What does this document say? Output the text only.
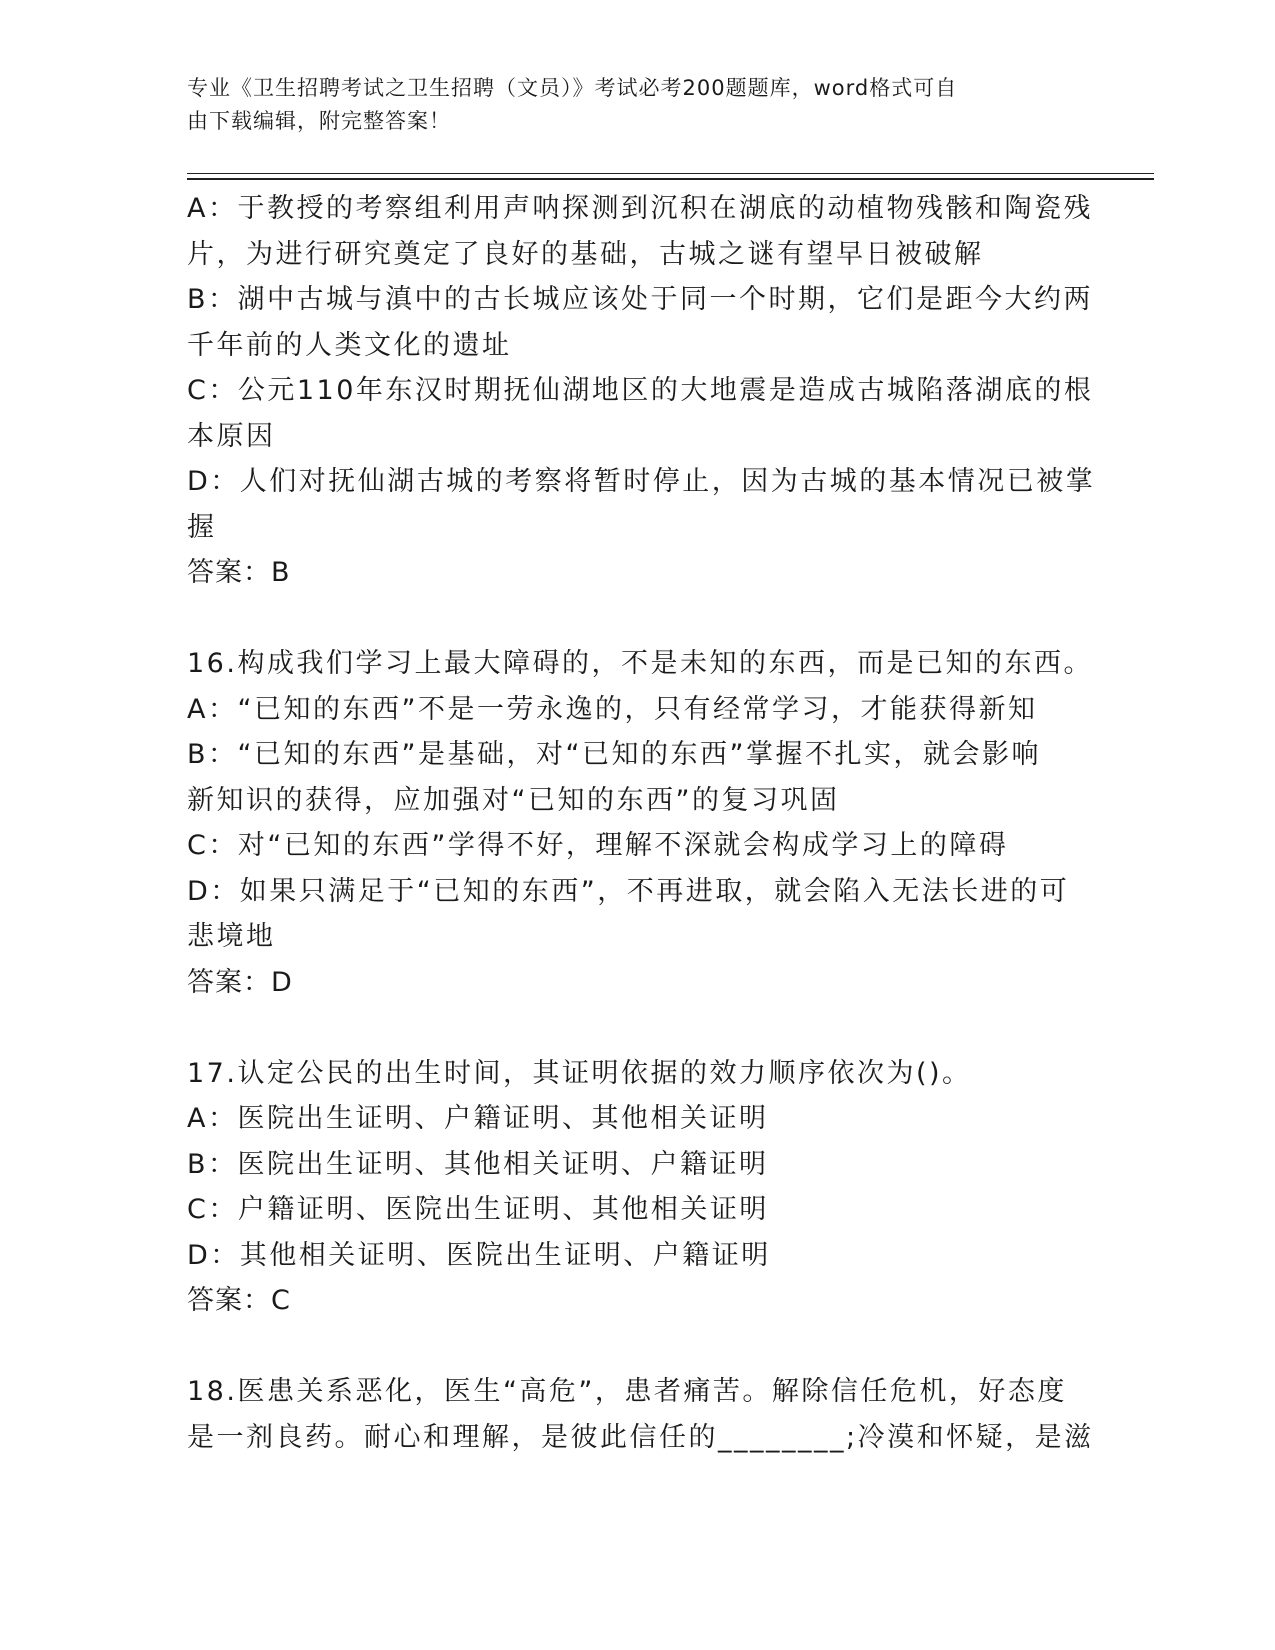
专业《卫生招聘考试之卫生招聘（文员）》考试必考200题题库，word格式可自
由下载编辑，附完整答案！
A：于教授的考察组利用声呐探测到沉积在湖底的动植物残骸和陶瓷残
片，为进行研究奠定了良好的基础，古城之谜有望早日被破解
B：湖中古城与滇中的古长城应该处于同一个时期，它们是距今大约两
千年前的人类文化的遗址
C：公元110年东汉时期抚仙湖地区的大地震是造成古城陷落湖底的根
本原因
D：人们对抚仙湖古城的考察将暂时停止，因为古城的基本情况已被掌
握
答案：B
16.构成我们学习上最大障碍的，不是未知的东西，而是已知的东西。
A：“已知的东西”不是一劳永逸的，只有经常学习，才能获得新知
B：“已知的东西”是基础，对“已知的东西”掌握不扎实，就会影响
新知识的获得，应加强对“已知的东西”的复习巩固
C：对“已知的东西”学得不好，理解不深就会构成学习上的障碍
D：如果只满足于“已知的东西”，不再进取，就会陷入无法长进的可
悲境地
答案：D
17.认定公民的出生时间，其证明依据的效力顺序依次为()。
A：医院出生证明、户籍证明、其他相关证明
B：医院出生证明、其他相关证明、户籍证明
C：户籍证明、医院出生证明、其他相关证明
D：其他相关证明、医院出生证明、户籍证明
答案：C
18.医患关系恶化，医生“高危”，患者痛苦。解除信任危机，好态度
是一剂良药。耐心和理解，是彼此信任的________;冷漠和怀疑，是滋
